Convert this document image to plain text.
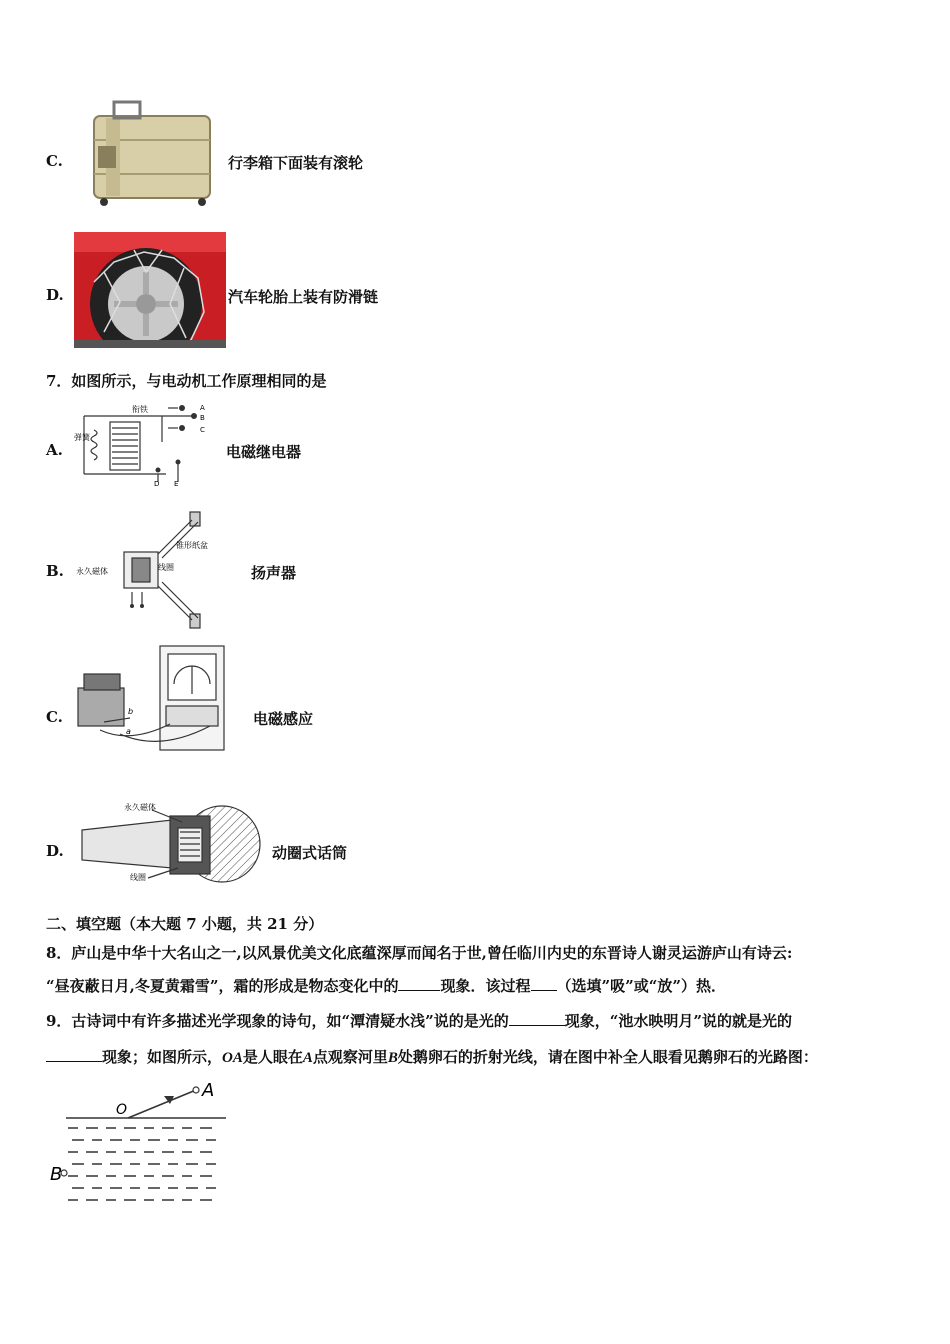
C.	行李箱下面装有滚轮
D.	汽车轮胎上装有防滑链
7．如图所示，与电动机工作原理相同的是
A.
衔铁
弹簧
A
B
C
D E
电磁继电器
B.
锥形纸盆
永久磁体	线圈	扬声器
C.	b
a
电磁感应
D.
永久磁体
线圈
动圈式话筒
二、填空题（本大题 7 小题，共 21 分）
8．庐山是中华十大名山之一,以风景优美文化底蕴深厚而闻名于世,曾任临川内史的东晋诗人谢灵运游庐山有诗云:
“昼夜蔽日月,冬夏黄霜雪”，霜的形成是物态变化中的	现象．该过程 （选填”吸”或“放”）热．
9．古诗词中有许多描述光学现象的诗句，如“潭清疑水浅”说的是光的	现象，“池水映明月”说的就是光的
现象；如图所示，OA是人眼在A点观察河里B处鹅卵石的折射光线，请在图中补全人眼看见鹅卵石的光路图：
O
A
B
